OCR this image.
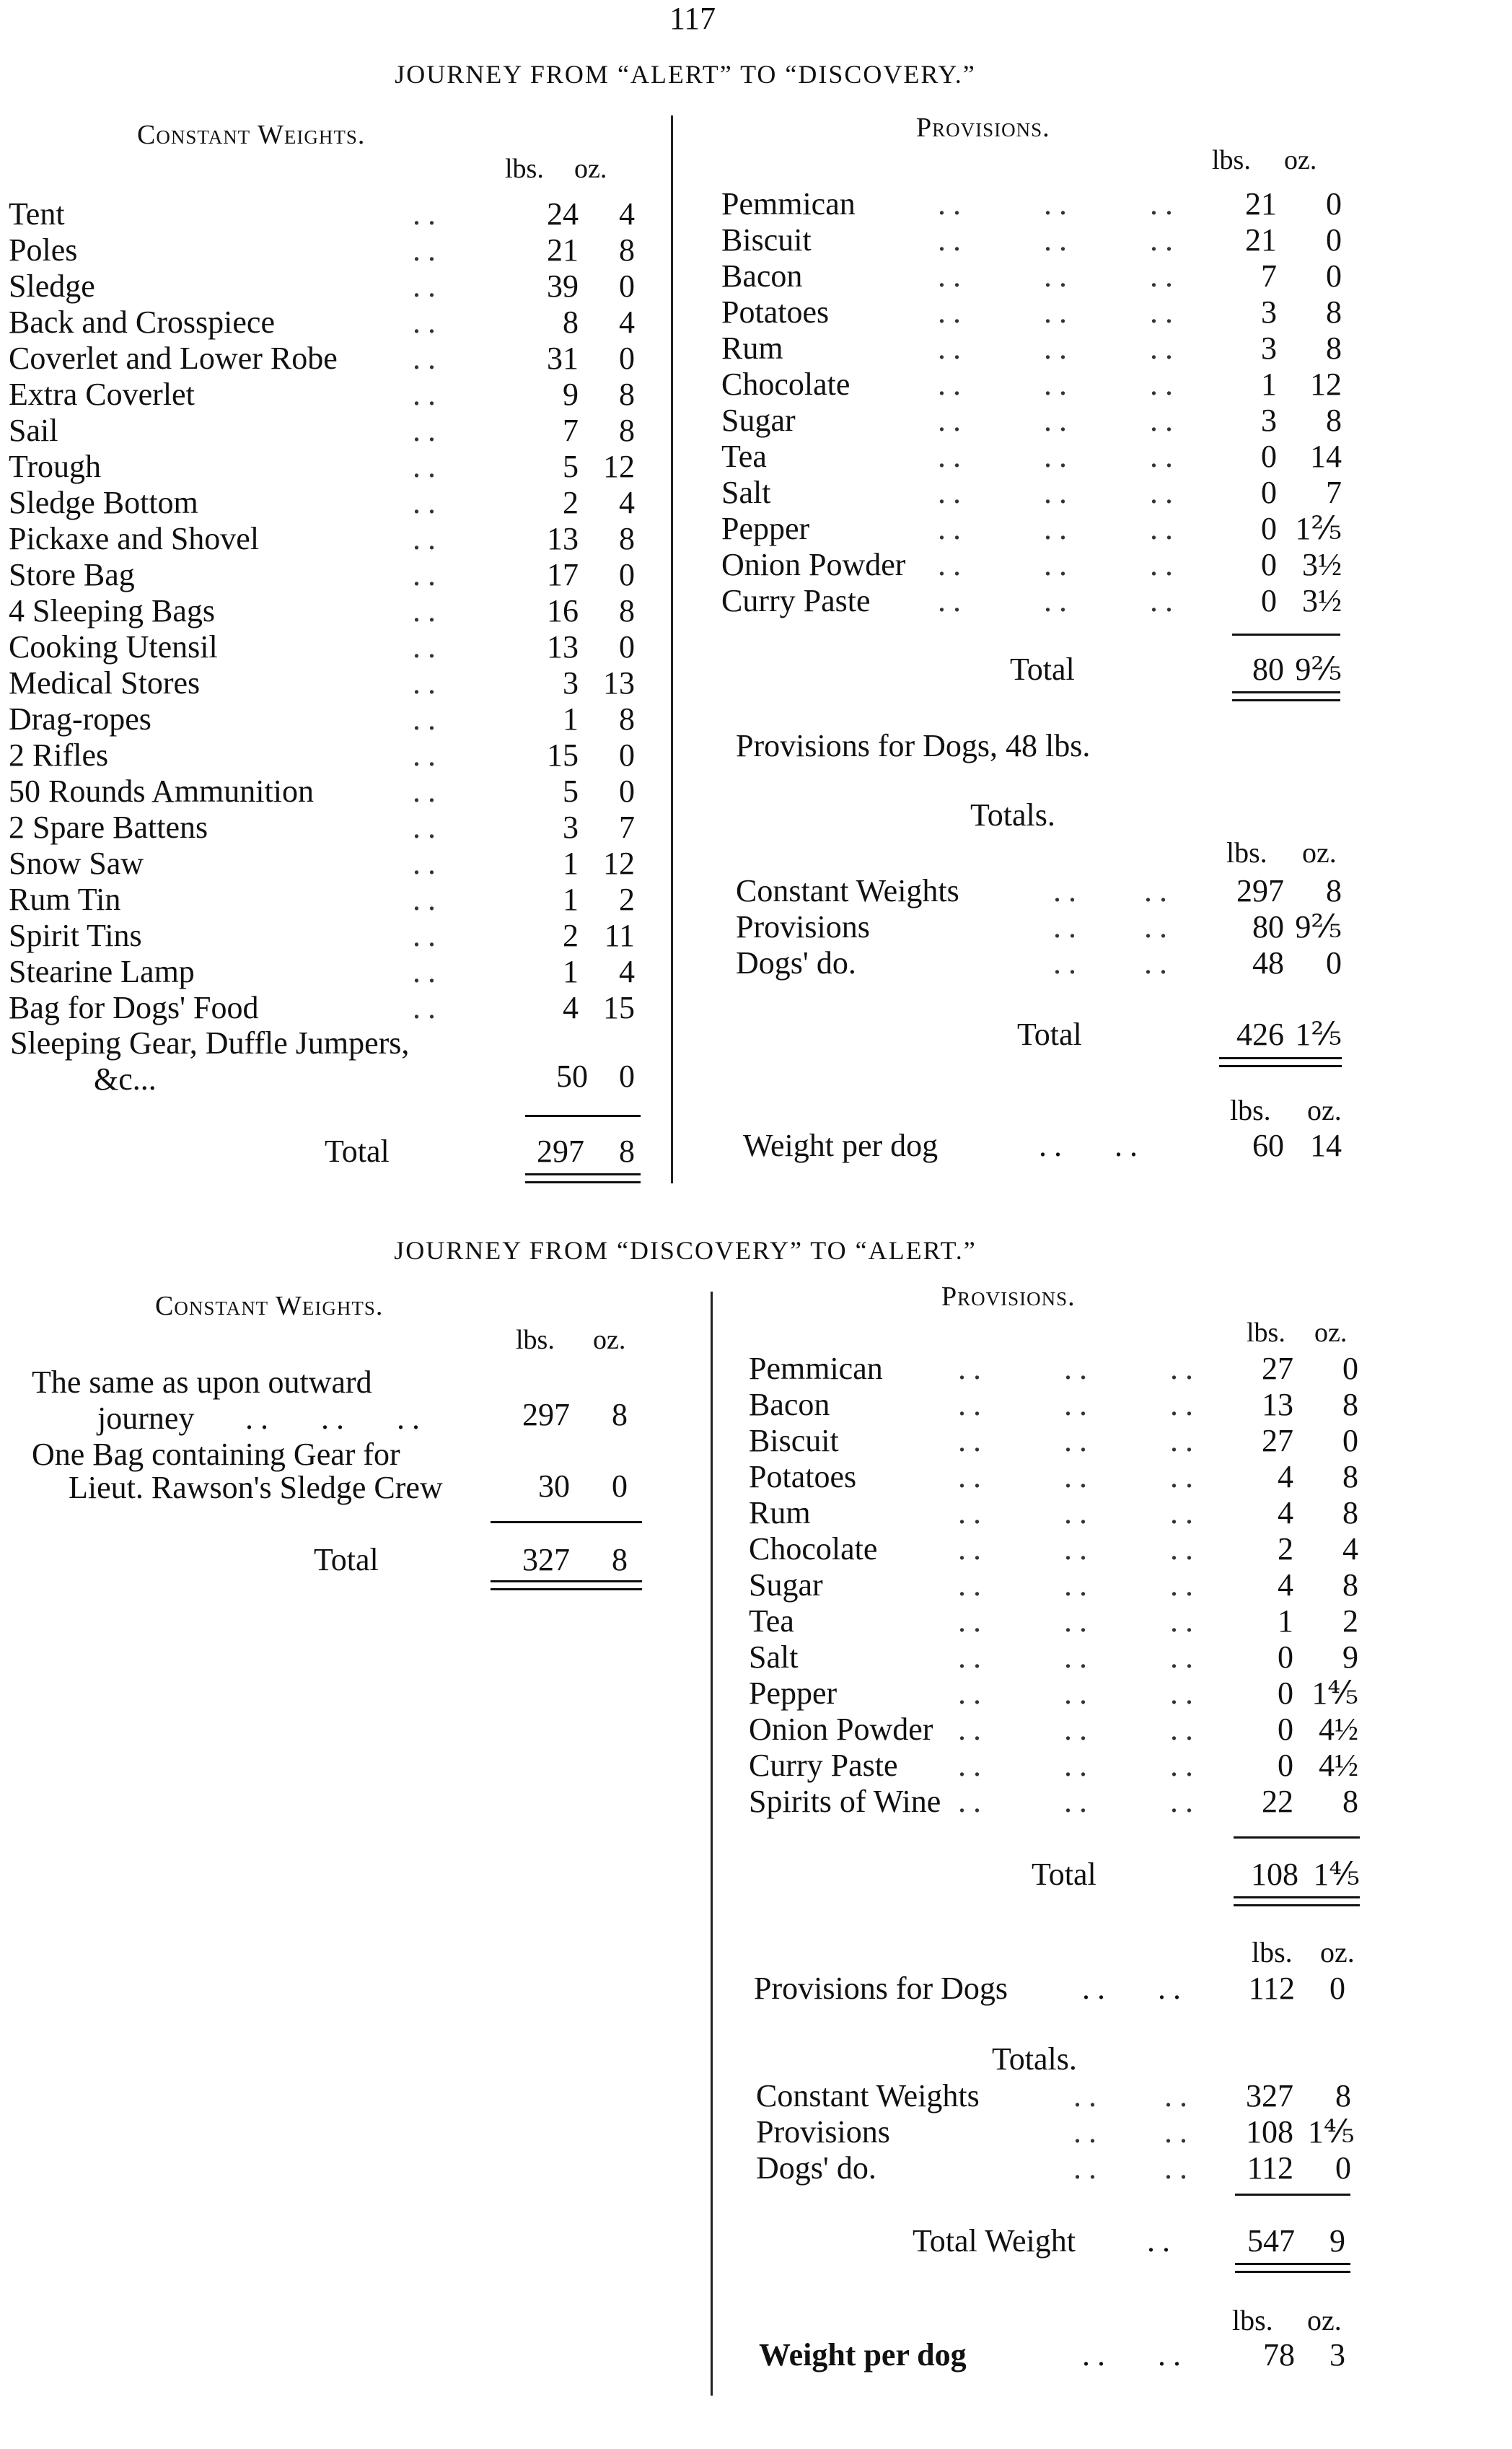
117
JOURNEY FROM “ALERT” TO “DISCOVERY.”
Constant Weights.
lbs. oz.
Tent	..	24	4
Poles	..	21	8
Sledge	..	39	0
Back and Crosspiece	..	8	4
Coverlet and Lower Robe ..	31	0
Extra Coverlet	..	9	8
Sail	..	7	8
Trough	..	5 12
Sledge Bottom	..	2	4
Pickaxe and Shovel	..	13	8
Store Bag	..	17	0
4 Sleeping Bags	..	16	8
Cooking Utensil	..	13	0
Medical Stores	..	3 13
Drag-ropes	..	1	8
2 Rifles	..	15	0
50 Rounds Ammunition	..	5	0
2 Spare Battens	..	3	7
Snow Saw	..	1 12
Rum Tin	..	1	2
Spirit Tins	..	2 11
Stearine Lamp	..	1	4
Bag for Dogs' Food	..	4 15
Sleeping Gear, Duffle Jumpers,
&c...	50 0
Total	297	8
Provisions.
lbs. oz.
Pemmican	..     ..     ..	21	0
Biscuit	..     ..     ..	21	0
Bacon	..     ..     ..	7	0
Potatoes	..     ..     ..	3	8
Rum	..     ..     ..	3	8
Chocolate	..     ..     ..	1	12
Sugar	..     ..     ..	3	8
Tea	..     ..     ..	0	14
Salt	..     ..     ..	0	7
Pepper	..     ..     ..	0 1⅖
Onion Powder ..     ..     ..	0 3½
Curry Paste ..     ..     ..	0 3½
Total	80 9⅖
Provisions for Dogs, 48 lbs.
Totals.
lbs. oz.
Constant Weights	..    ..	297	8
Provisions	..    ..	80 9⅖
Dogs' do.	..    ..	48	0
Total	426 1⅖
lbs. oz.
Weight per dog	..   ..	60 14
JOURNEY FROM “DISCOVERY” TO “ALERT.”
Constant Weights.
lbs. oz.
The same as upon outward
journey ..   ..   ..	297	8
One Bag containing Gear for
Lieut. Rawson's Sledge Crew	30	0
Total	327	8
Provisions.
lbs. oz.
Pemmican ..     ..     ..	27	0
Bacon	..     ..     ..	13	8
Biscuit	..     ..     ..	27	0
Potatoes	..     ..     ..	4	8
Rum	..     ..     ..	4	8
Chocolate	..     ..     ..	2	4
Sugar	..     ..     ..	4	8
Tea	..     ..     ..	1	2
Salt	..     ..     ..	0	9
Pepper	..     ..     ..	0 1⅘
Onion Powder ..     ..     ..	0 4½
Curry Paste ..     ..     ..	0 4½
Spirits of Wine ..     ..     ..	22	8
Total	108 1⅘
lbs. oz.
Provisions for Dogs ..   ..	112	0
Totals.
Constant Weights	..    ..	327	8
Provisions	..    ..	108 1⅘
Dogs' do.	..    ..	112	0
Total Weight ..	547	9
lbs. oz.
Weight per dog	..   ..	78	3
